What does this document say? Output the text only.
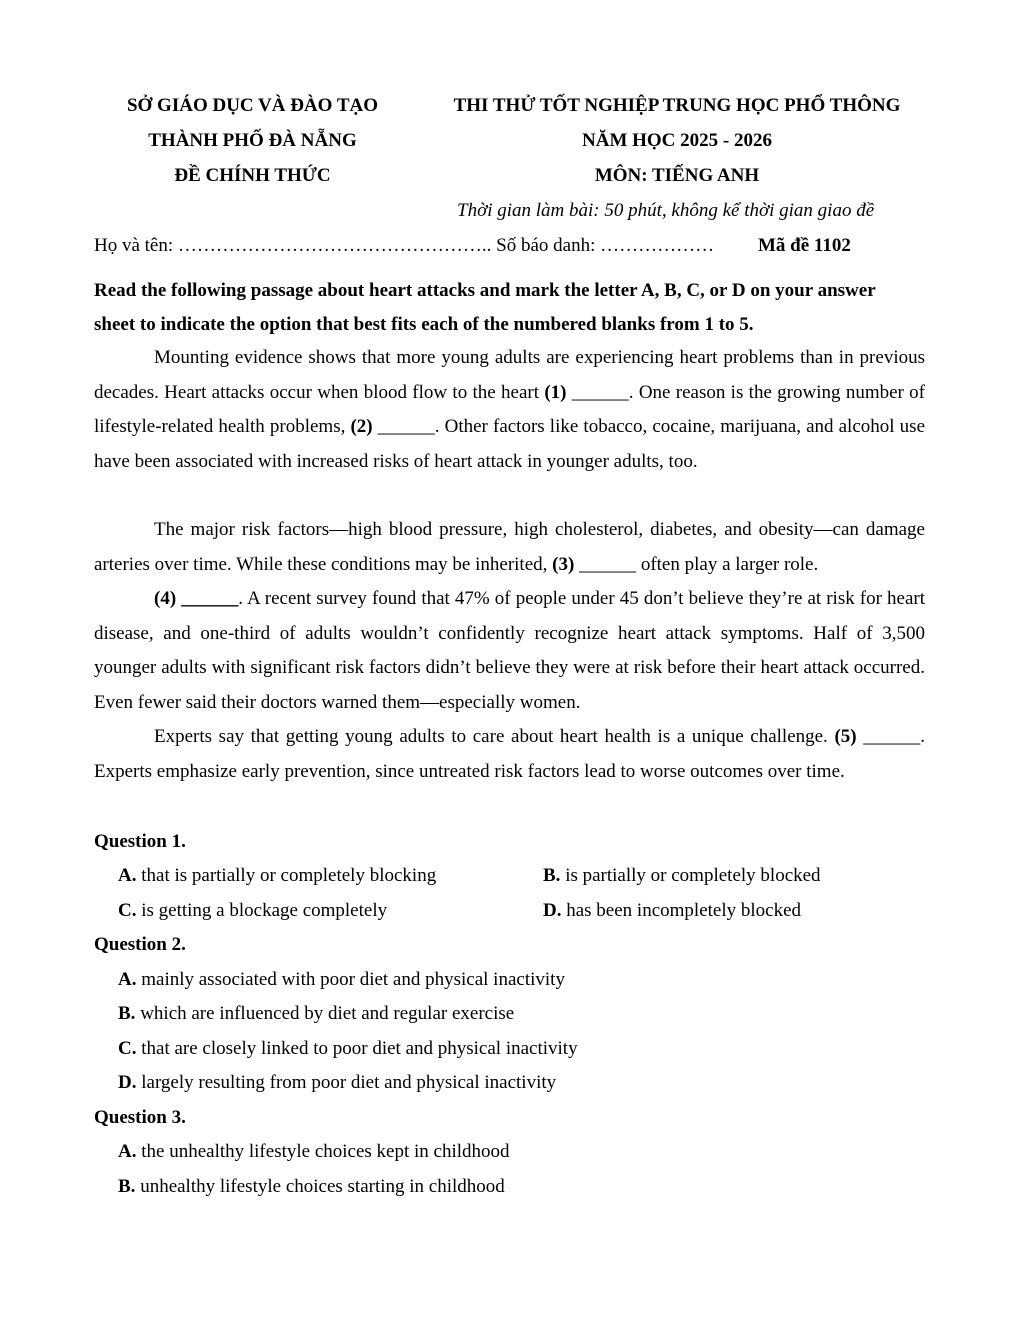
SỞ GIÁO DỤC VÀ ĐÀO TẠO
THÀNH PHỐ ĐÀ NẴNG
ĐỀ CHÍNH THỨC
THI THỬ TỐT NGHIỆP TRUNG HỌC PHỔ THÔNG
NĂM HỌC 2025 - 2026
MÔN: TIẾNG ANH
Thời gian làm bài: 50 phút, không kể thời gian giao đề
Họ và tên: ………………………………………….. Số báo danh: ……………… Mã đề 1102
Read the following passage about heart attacks and mark the letter A, B, C, or D on your answer
sheet to indicate the option that best fits each of the numbered blanks from 1 to 5.
Mounting evidence shows that more young adults are experiencing heart problems than in previous decades. Heart attacks occur when blood flow to the heart (1) ______. One reason is the growing number of lifestyle-related health problems, (2) ______. Other factors like tobacco, cocaine, marijuana, and alcohol use have been associated with increased risks of heart attack in younger adults, too.
The major risk factors—high blood pressure, high cholesterol, diabetes, and obesity—can damage arteries over time. While these conditions may be inherited, (3) ______ often play a larger role.
(4) ______. A recent survey found that 47% of people under 45 don’t believe they’re at risk for heart disease, and one-third of adults wouldn’t confidently recognize heart attack symptoms. Half of 3,500 younger adults with significant risk factors didn’t believe they were at risk before their heart attack occurred. Even fewer said their doctors warned them—especially women.
Experts say that getting young adults to care about heart health is a unique challenge. (5) ______. Experts emphasize early prevention, since untreated risk factors lead to worse outcomes over time.
Question 1.
A. that is partially or completely blocking	B. is partially or completely blocked
C. is getting a blockage completely	D. has been incompletely blocked
Question 2.
A. mainly associated with poor diet and physical inactivity
B. which are influenced by diet and regular exercise
C. that are closely linked to poor diet and physical inactivity
D. largely resulting from poor diet and physical inactivity
Question 3.
A. the unhealthy lifestyle choices kept in childhood
B. unhealthy lifestyle choices starting in childhood
